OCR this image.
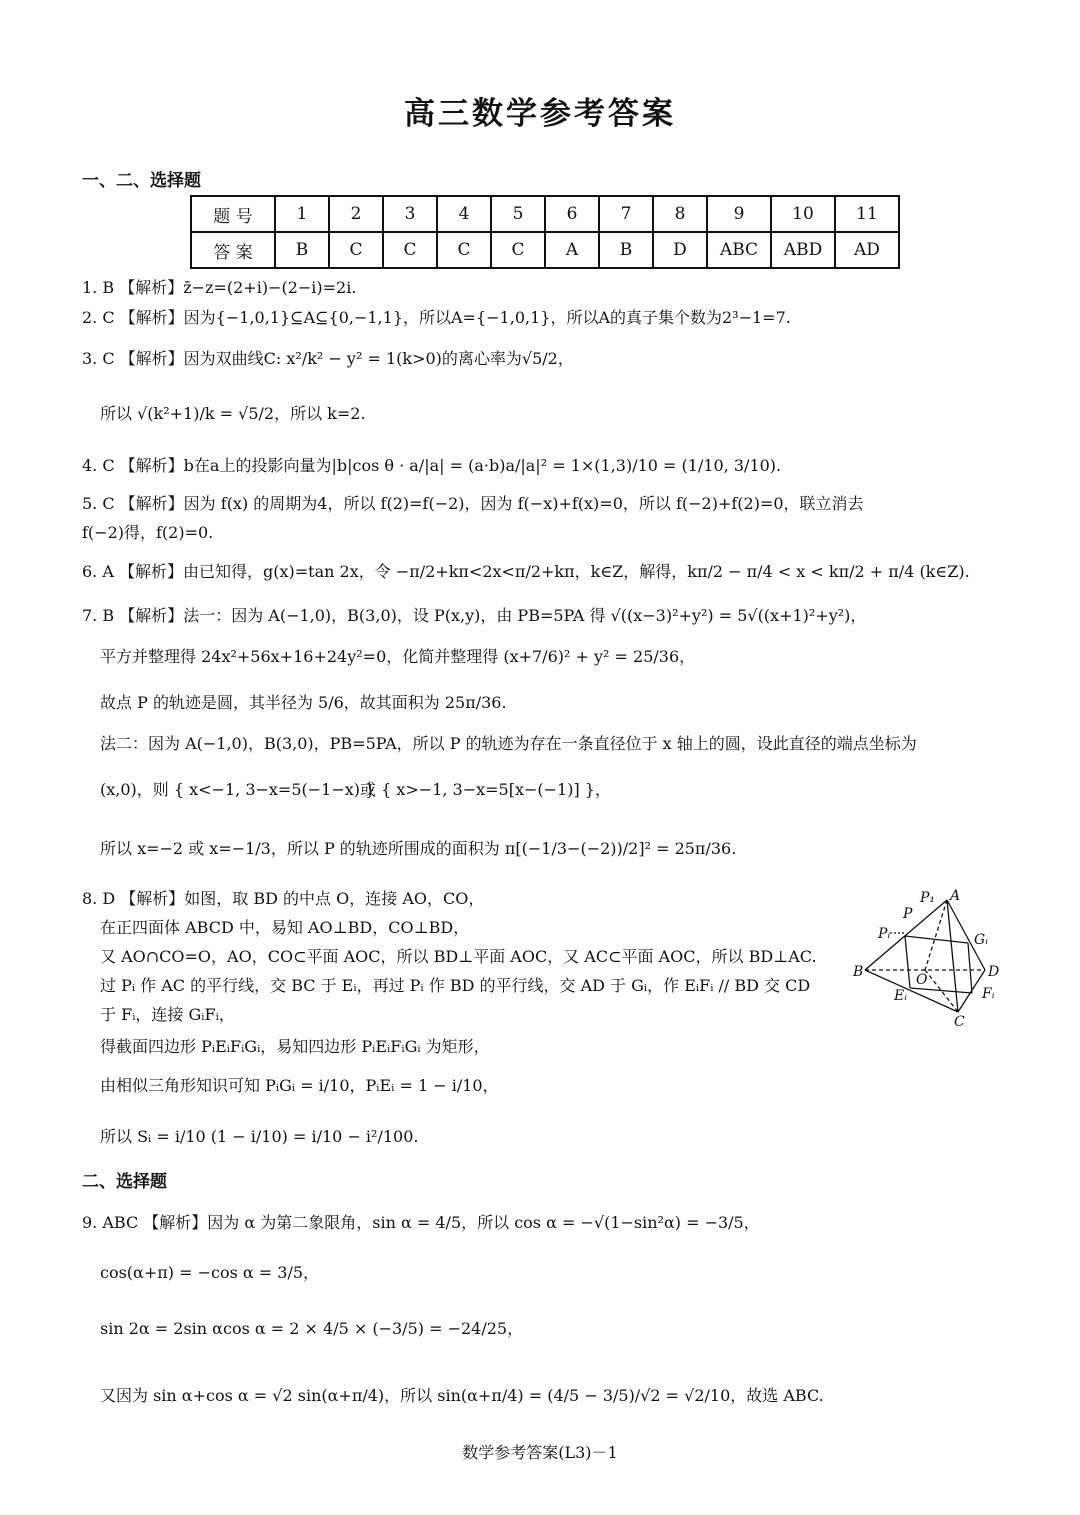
高三数学参考答案
一、二、选择题
题 号	1	2	3	4	5	6	7	8	9	10	11
答 案	B	C	C	C	C	A	B	D	ABC	ABD	AD
1. B 【解析】z̄−z=(2+i)−(2−i)=2i.
2. C 【解析】因为{−1,0,1}⊆A⊆{0,−1,1}，所以A={−1,0,1}，所以A的真子集个数为2³−1=7.
3. C 【解析】因为双曲线C: x²/k² − y² = 1(k>0)的离心率为√5/2，
所以 √(k²+1)/k = √5/2，所以 k=2.
4. C 【解析】b在a上的投影向量为|b|cos θ · a/|a| = (a·b)a/|a|² = 1×(1,3)/10 = (1/10, 3/10).
5. C 【解析】因为 f(x) 的周期为4，所以 f(2)=f(−2)，因为 f(−x)+f(x)=0，所以 f(−2)+f(2)=0，联立消去
f(−2)得，f(2)=0.
6. A 【解析】由已知得，g(x)=tan 2x，令 −π/2+kπ<2x<π/2+kπ，k∈Z，解得，kπ/2 − π/4 < x < kπ/2 + π/4 (k∈Z).
7. B 【解析】法一：因为 A(−1,0)，B(3,0)，设 P(x,y)，由 PB=5PA 得 √((x−3)²+y²) = 5√((x+1)²+y²)，
平方并整理得 24x²+56x+16+24y²=0，化简并整理得 (x+7/6)² + y² = 25/36，
故点 P 的轨迹是圆，其半径为 5/6，故其面积为 25π/36.
法二：因为 A(−1,0)，B(3,0)，PB=5PA，所以 P 的轨迹为存在一条直径位于 x 轴上的圆，设此直径的端点坐标为
(x,0)，则 { x<−1, 3−x=5(−1−x) }
或 { x>−1, 3−x=5[x−(−1)] }，
所以 x=−2 或 x=−1/3，所以 P 的轨迹所围成的面积为 π[(−1/3−(−2))/2]² = 25π/36.
8. D 【解析】如图，取 BD 的中点 O，连接 AO，CO，
在正四面体 ABCD 中，易知 AO⊥BD，CO⊥BD，
又 AO∩CO=O，AO，CO⊂平面 AOC，所以 BD⊥平面 AOC，又 AC⊂平面 AOC，所以 BD⊥AC.
过 Pᵢ 作 AC 的平行线，交 BC 于 Eᵢ，再过 Pᵢ 作 BD 的平行线，交 AD 于 Gᵢ，作 EᵢFᵢ // BD 交 CD
于 Fᵢ，连接 GᵢFᵢ，
得截面四边形 PᵢEᵢFᵢGᵢ，易知四边形 PᵢEᵢFᵢGᵢ 为矩形，
由相似三角形知识可知 PᵢGᵢ = i/10，PᵢEᵢ = 1 − i/10，
所以 Sᵢ = i/10 (1 − i/10) = i/10 − i²/100.
A
B
C
D
O
P₁
P
Pᵢ	Gᵢ
Eᵢ	Fᵢ
二、选择题
9. ABC 【解析】因为 α 为第二象限角，sin α = 4/5，所以 cos α = −√(1−sin²α) = −3/5，
cos(α+π) = −cos α = 3/5，
sin 2α = 2sin αcos α = 2 × 4/5 × (−3/5) = −24/25，
又因为 sin α+cos α = √2 sin(α+π/4)，所以 sin(α+π/4) = (4/5 − 3/5)/√2 = √2/10，故选 ABC.
数学参考答案(L3)－1
